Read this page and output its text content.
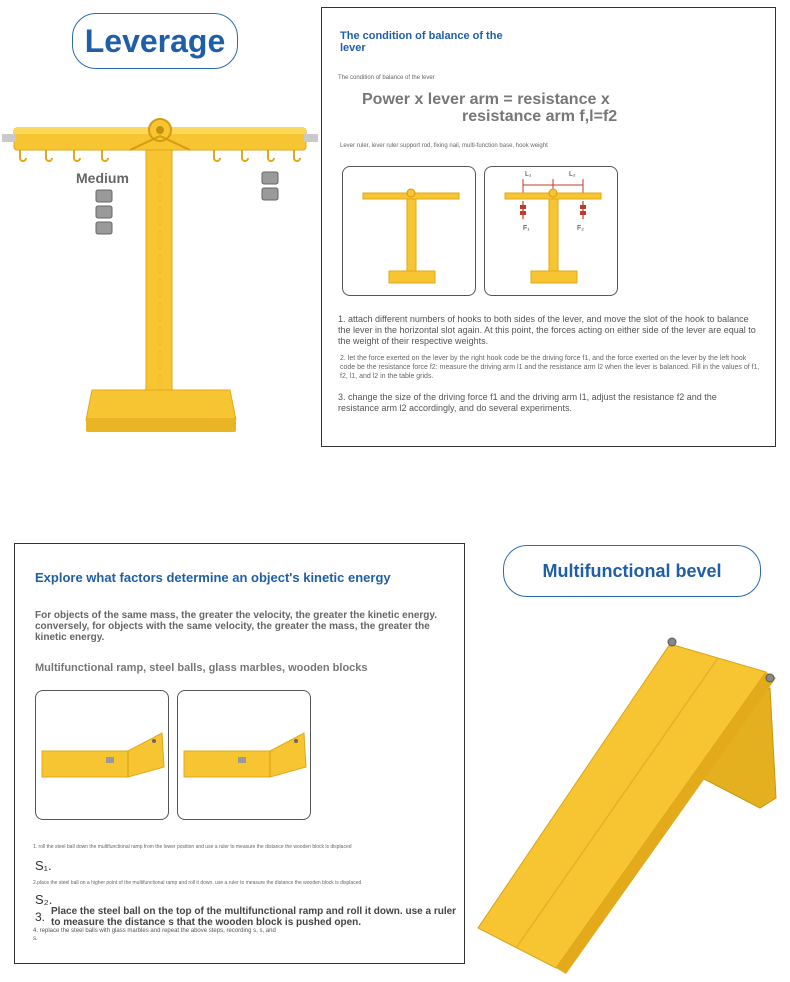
Leverage
Medium
The condition of balance of the lever
The condition of balance of the lever
Power x lever arm = resistance x
resistance arm f,l=f2
Lever ruler, lever ruler support rod, fixing nail, multi-function base, hook weight
L₁	L₂
F₁	F₂
1. attach different numbers of hooks to both sides of the lever, and move the slot of the hook to balance the lever in the horizontal slot again. At this point, the forces acting on either side of the lever are equal to the weight of their respective weights.
2. let the force exerted on the lever by the right hook code be the driving force f1, and the force exerted on the lever by the left hook code be the resistance force f2: measure the driving arm l1 and the resistance arm l2 when the lever is balanced. Fill in the values of f1, f2, l1, and l2 in the table grids.
3. change the size of the driving force f1 and the driving arm l1, adjust the resistance f2 and the resistance arm l2 accordingly, and do several experiments.
Explore what factors determine an object's kinetic energy
For objects of the same mass, the greater the velocity, the greater the kinetic energy. conversely, for objects with the same velocity, the greater the mass, the greater the kinetic energy.
Multifunctional ramp, steel balls, glass marbles, wooden blocks
1. roll the steel ball down the multifunctional ramp from the lower position and use a ruler to measure the distance the wooden block is displaced
S₁.
2.place the steel ball on a higher point of the multifunctional ramp and roll it down. use a ruler to measure the distance the wooden block is displaced
S₂.
3. Place the steel ball on the top of the multifunctional ramp and roll it down. use a ruler to measure the distance s that the wooden block is pushed open.
4. replace the steel balls with glass marbles and repeat the above steps, recording s, s, and
s.
Multifunctional bevel
